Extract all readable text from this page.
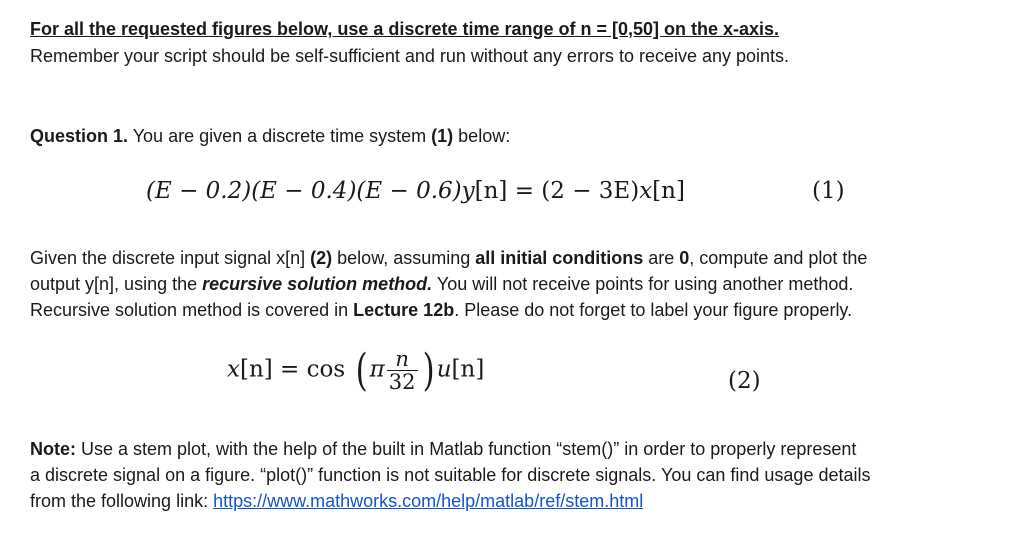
For all the requested figures below, use a discrete time range of n = [0,50] on the x-axis.
Remember your script should be self-sufficient and run without any errors to receive any points.
Question 1. You are given a discrete time system (1) below:
(E − 0.2)(E − 0.4)(E − 0.6)y[n] = (2 − 3E)x[n]	(1)
Given the discrete input signal x[n] (2) below, assuming all initial conditions are 0, compute and plot the
output y[n], using the recursive solution method. You will not receive points for using another method.
Recursive solution method is covered in Lecture 12b. Please do not forget to label your figure properly.
x[n] = cos ( π $\frac{n}{32}$ ) u[n]	(2)
Note: Use a stem plot, with the help of the built in Matlab function “stem()” in order to properly represent
a discrete signal on a figure. “plot()” function is not suitable for discrete signals. You can find usage details
from the following link: https://www.mathworks.com/help/matlab/ref/stem.html
